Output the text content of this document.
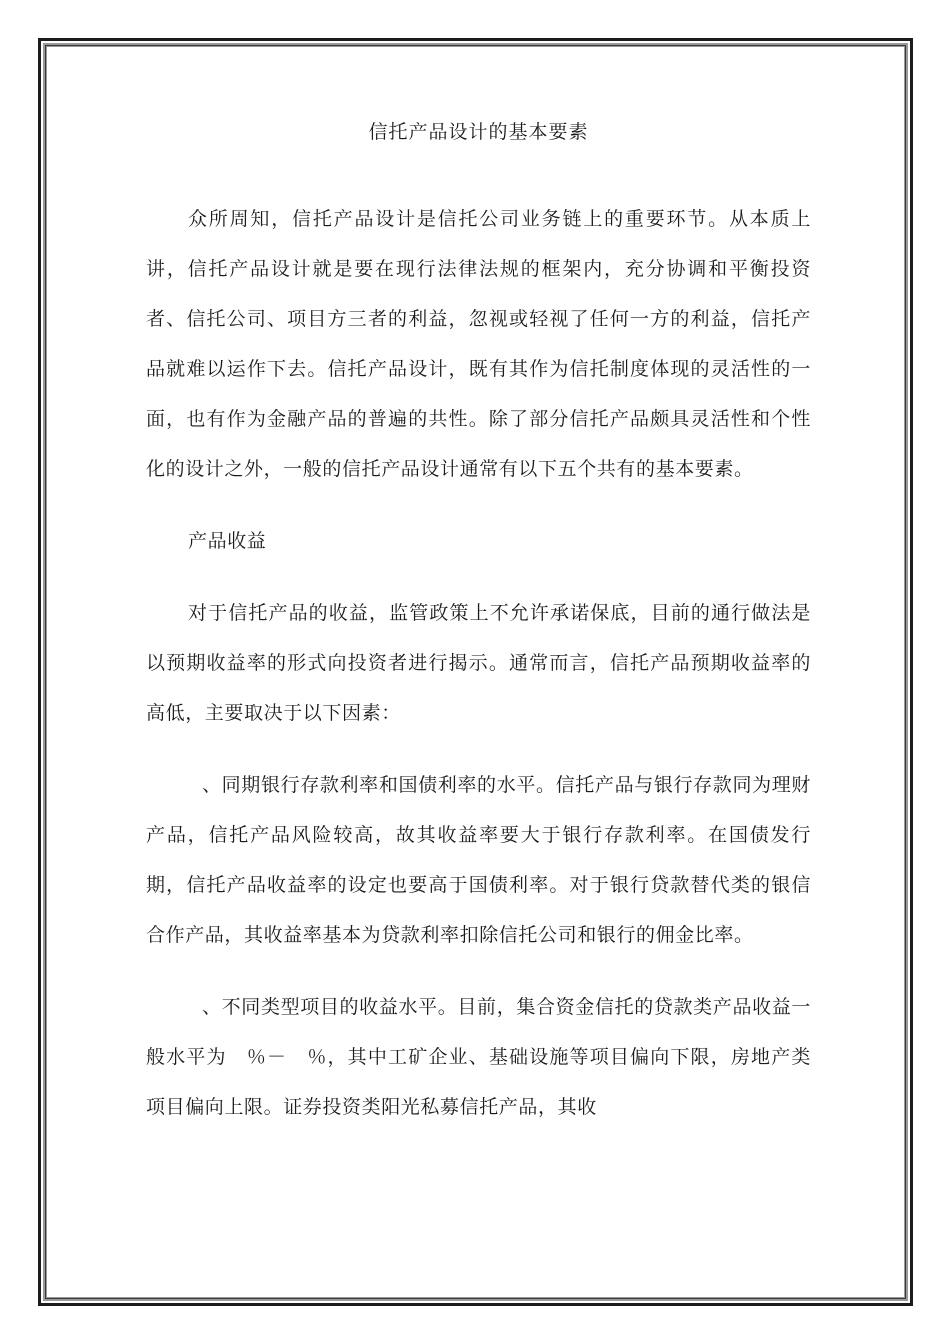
信托产品设计的基本要素

众所周知，信托产品设计是信托公司业务链上的重要环节。从本质上讲，信托产品设计就是要在现行法律法规的框架内，充分协调和平衡投资者、信托公司、项目方三者的利益，忽视或轻视了任何一方的利益，信托产品就难以运作下去。信托产品设计，既有其作为信托制度体现的灵活性的一面，也有作为金融产品的普遍的共性。除了部分信托产品颇具灵活性和个性化的设计之外，一般的信托产品设计通常有以下五个共有的基本要素。

产品收益

对于信托产品的收益，监管政策上不允许承诺保底，目前的通行做法是以预期收益率的形式向投资者进行揭示。通常而言，信托产品预期收益率的高低，主要取决于以下因素：

、同期银行存款利率和国债利率的水平。信托产品与银行存款同为理财产品，信托产品风险较高，故其收益率要大于银行存款利率。在国债发行期，信托产品收益率的设定也要高于国债利率。对于银行贷款替代类的银信合作产品，其收益率基本为贷款利率扣除信托公司和银行的佣金比率。

、不同类型项目的收益水平。目前，集合资金信托的贷款类产品收益一般水平为　％－　％，其中工矿企业、基础设施等项目偏向下限，房地产类项目偏向上限。证券投资类阳光私募信托产品，其收
